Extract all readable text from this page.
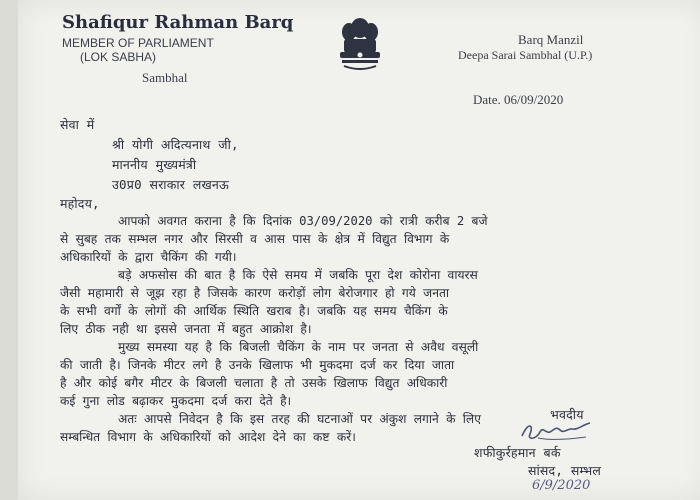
Shafiqur Rahman Barq
MEMBER OF PARLIAMENT
(LOK SABHA)
Sambhal
Barq Manzil
Deepa Sarai Sambhal (U.P.)
Date. 06/09/2020
सेवा में
श्री योगी अदित्यनाथ जी,
माननीय मुख्यमंत्री
उ0प्र0 सराकार लखनऊ
महोदय,
आपको अवगत कराना है कि दिनांक 03/09/2020 को रात्री करीब 2 बजे
से सुबह तक सम्भल नगर और सिरसी व आस पास के क्षेत्र में विद्युत विभाग के
अधिकारियों के द्वारा चैकिंग की गयी।
बड़े अफसोस की बात है कि ऐसे समय में जबकि पूरा देश कोरोना वायरस
जैसी महामारी से जूझ रहा है जिसके कारण करोड़ों लोग बेरोजगार हो गये जनता
के सभी वर्गों के लोगों की आर्थिक स्थिति खराब है। जबकि यह समय चैकिंग के
लिए ठीक नही था इससे जनता में बहुत आक्रोश है।
मुख्य समस्या यह है कि बिजली चैकिंग के नाम पर जनता से अवैध वसूली
की जाती है। जिनके मीटर लगे है उनके खिलाफ भी मुकदमा दर्ज कर दिया जाता
है और कोई बगैर मीटर के बिजली चलाता है तो उसके खिलाफ विद्युत अधिकारी
कई गुना लोड बढ़ाकर मुकदमा दर्ज करा देते है।
अतः आपसे निवेदन है कि इस तरह की घटनाओं पर अंकुश लगाने के लिए
सम्बन्धित विभाग के अधिकारियों को आदेश देने का कष्ट करें।
भवदीय
शफीकुर्रहमान बर्क
सांसद, सम्भल
6/9/2020
